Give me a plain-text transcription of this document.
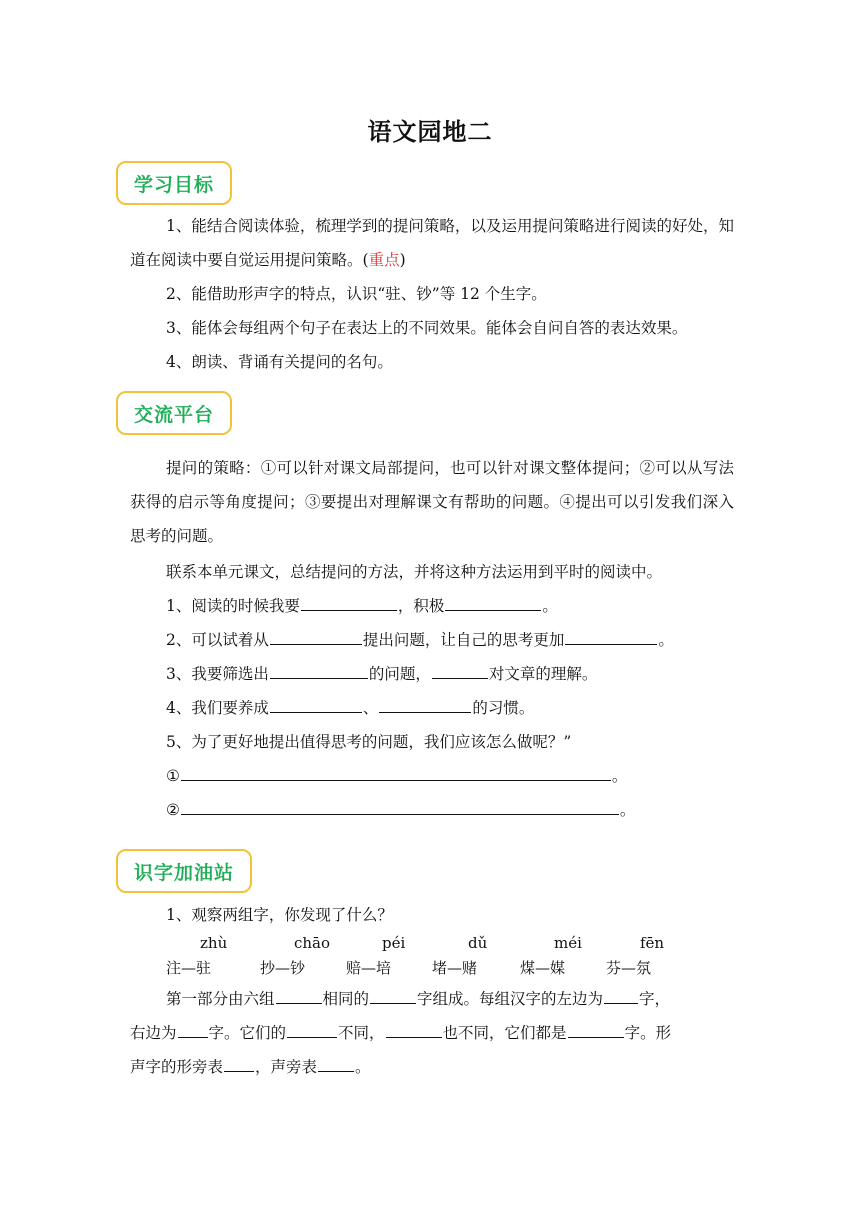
语文园地二
学习目标
1、能结合阅读体验，梳理学到的提问策略，以及运用提问策略进行阅读的好处，知道在阅读中要自觉运用提问策略。(重点)
2、能借助形声字的特点，认识“驻、钞”等 12 个生字。
3、能体会每组两个句子在表达上的不同效果。能体会自问自答的表达效果。
4、朗读、背诵有关提问的名句。
交流平台
提问的策略：①可以针对课文局部提问，也可以针对课文整体提问；②可以从写法获得的启示等角度提问；③要提出对理解课文有帮助的问题。④提出可以引发我们深入思考的问题。
联系本单元课文，总结提问的方法，并将这种方法运用到平时的阅读中。
1、阅读的时候我要	，积极	。
2、可以试着从	提出问题，让自己的思考更加	。
3、我要筛选出	的问题，	对文章的理解。
4、我们要养成	、	的习惯。
5、为了更好地提出值得思考的问题，我们应该怎么做呢？”
①	。
②	。
识字加油站
1、观察两组字，你发现了什么？
zhù	chāo	péi	dǔ	méi	fēn
注—驻	抄—钞	赔—培	堵—赌	煤—媒	芬—氛
第一部分由六组	相同的	字组成。每组汉字的左边为 字，
右边为 字。它们的	不同，	也不同，它们都是	字。形
声字的形旁表 ，声旁表 。
